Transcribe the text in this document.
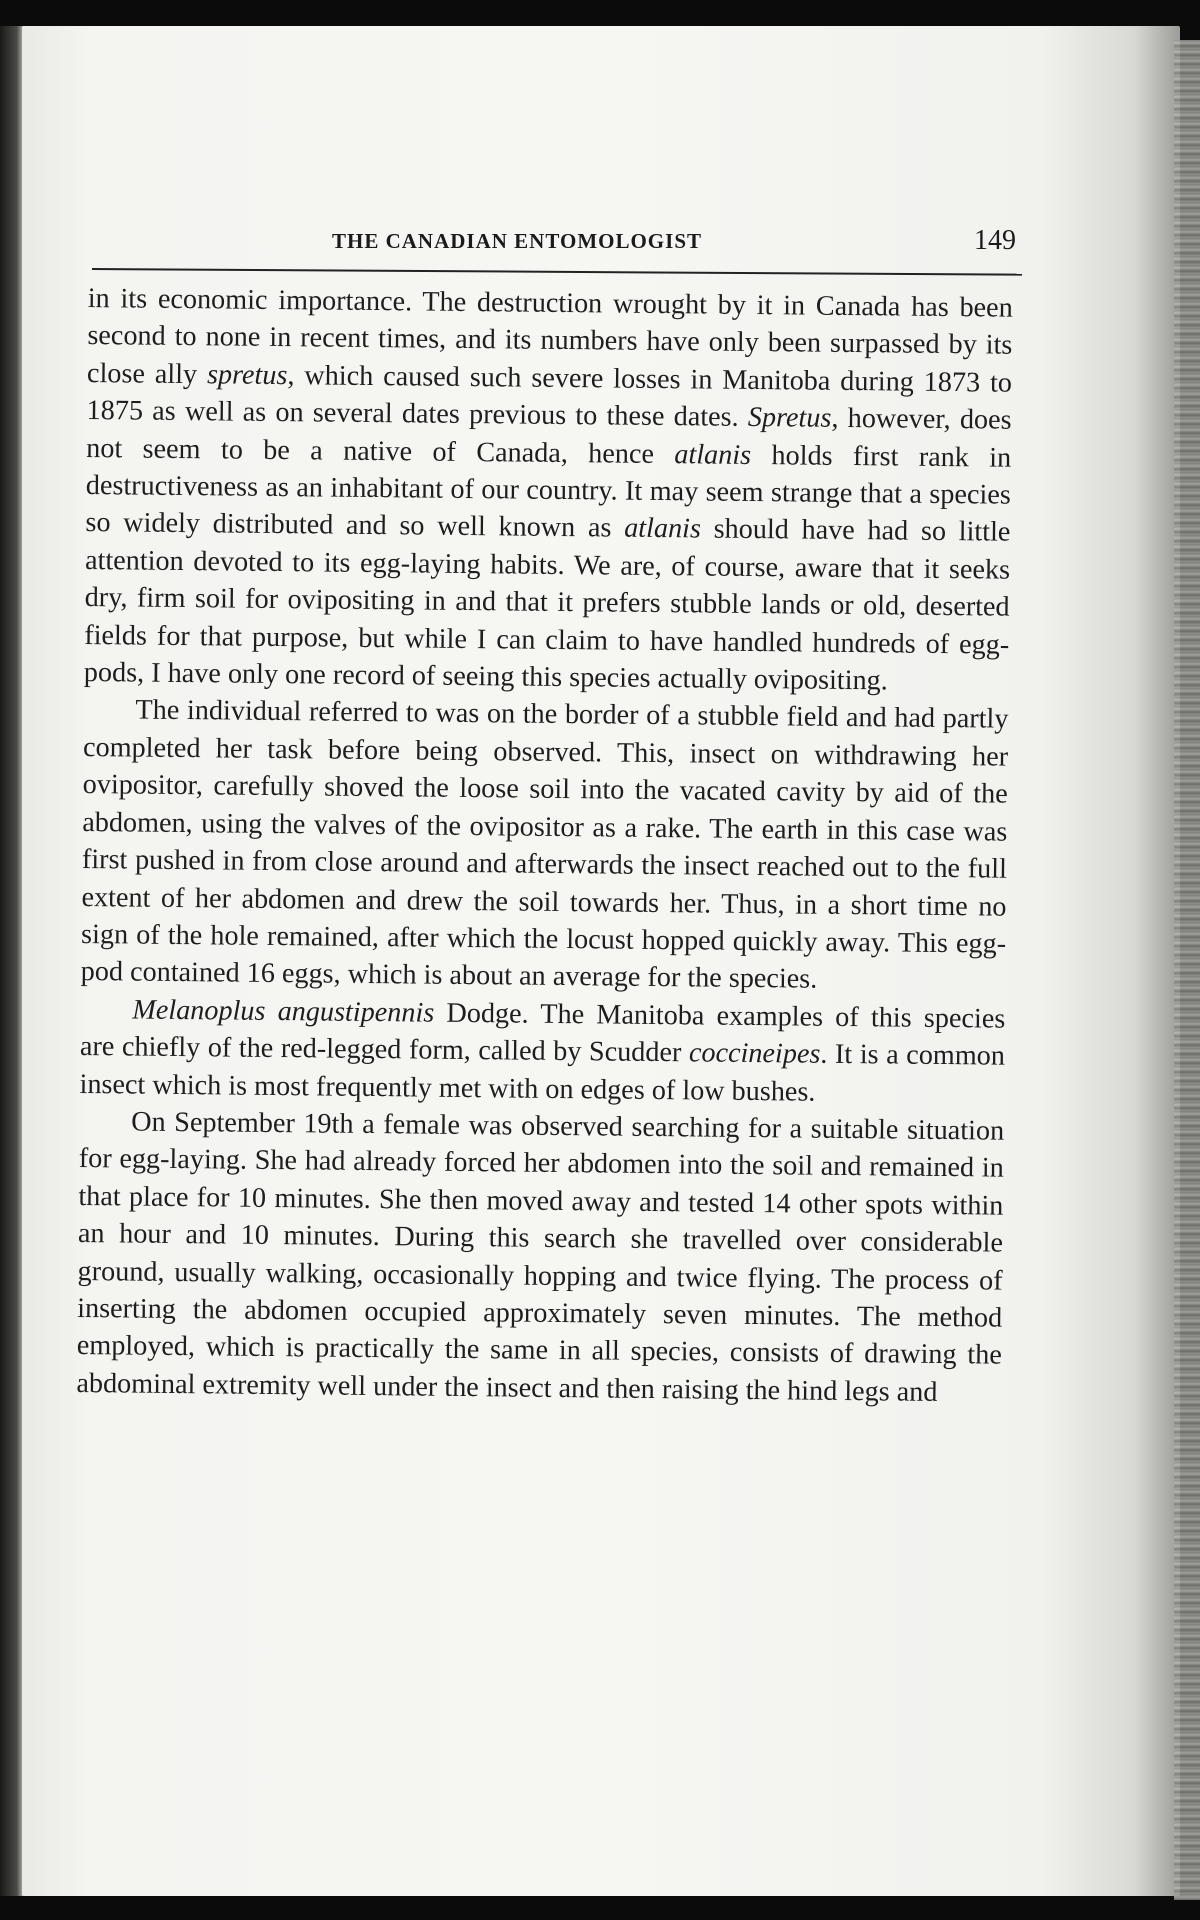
THE CANADIAN ENTOMOLOGIST	149

in its economic importance. The destruction wrought by it in Canada has been second to none in recent times, and its numbers have only been surpassed by its close ally spretus, which caused such severe losses in Manitoba during 1873 to 1875 as well as on several dates previous to these dates. Spretus, however, does not seem to be a native of Canada, hence atlanis holds first rank in destructiveness as an inhabitant of our country. It may seem strange that a species so widely distributed and so well known as atlanis should have had so little attention devoted to its egg-laying habits. We are, of course, aware that it seeks dry, firm soil for ovipositing in and that it prefers stubble lands or old, deserted fields for that purpose, but while I can claim to have handled hundreds of egg-pods, I have only one record of seeing this species actually ovipositing.

The individual referred to was on the border of a stubble field and had partly completed her task before being observed. This, insect on withdrawing her ovipositor, carefully shoved the loose soil into the vacated cavity by aid of the abdomen, using the valves of the ovipositor as a rake. The earth in this case was first pushed in from close around and afterwards the insect reached out to the full extent of her abdomen and drew the soil towards her. Thus, in a short time no sign of the hole remained, after which the locust hopped quickly away. This egg-pod contained 16 eggs, which is about an average for the species.

Melanoplus angustipennis Dodge. The Manitoba examples of this species are chiefly of the red-legged form, called by Scudder coccineipes. It is a common insect which is most frequently met with on edges of low bushes.

On September 19th a female was observed searching for a suitable situation for egg-laying. She had already forced her abdomen into the soil and remained in that place for 10 minutes. She then moved away and tested 14 other spots within an hour and 10 minutes. During this search she travelled over considerable ground, usually walking, occasionally hopping and twice flying. The process of inserting the abdomen occupied approximately seven minutes. The method employed, which is practically the same in all species, consists of drawing the abdominal extremity well under the insect and then raising the hind legs and
